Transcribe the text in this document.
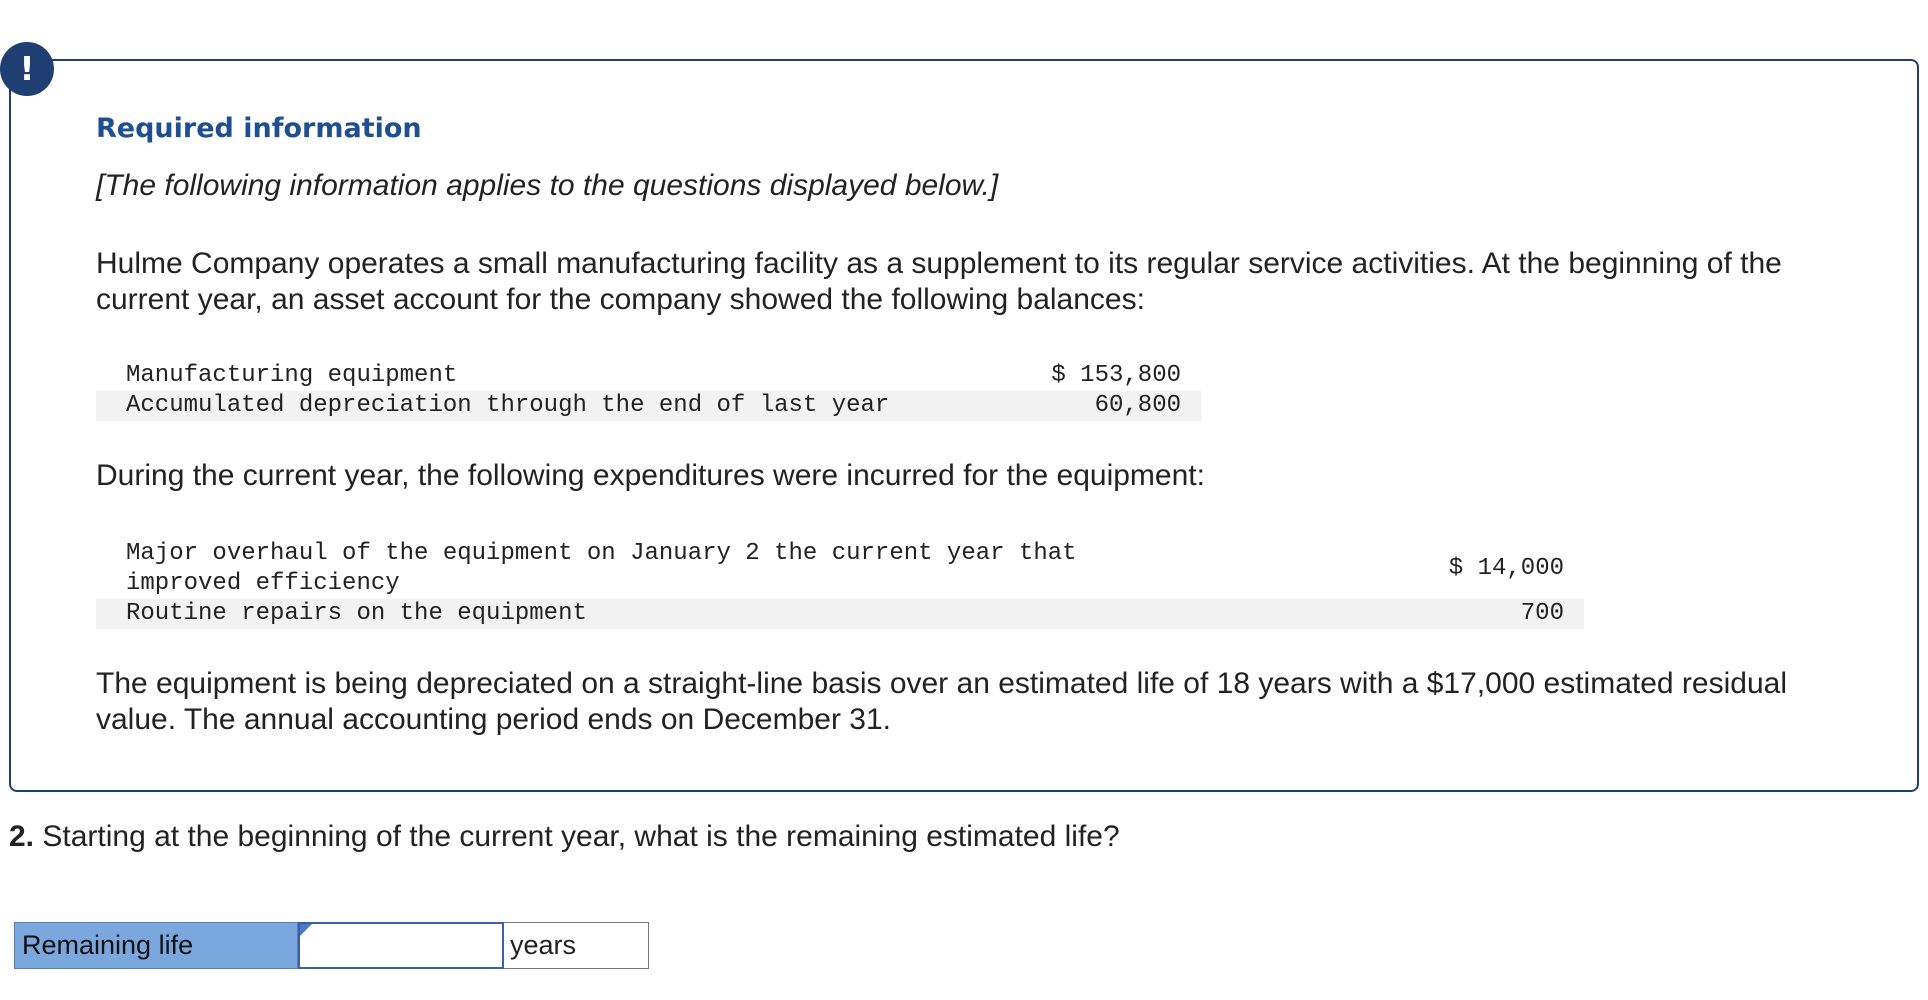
!
Required information

[The following information applies to the questions displayed below.]

Hulme Company operates a small manufacturing facility as a supplement to its regular service activities. At the beginning of the current year, an asset account for the company showed the following balances:

Manufacturing equipment	$ 153,800
Accumulated depreciation through the end of last year	60,800

During the current year, the following expenditures were incurred for the equipment:

Major overhaul of the equipment on January 2 the current year that improved efficiency	$ 14,000
Routine repairs on the equipment	700

The equipment is being depreciated on a straight-line basis over an estimated life of 18 years with a $17,000 estimated residual value. The annual accounting period ends on December 31.

2. Starting at the beginning of the current year, what is the remaining estimated life?

Remaining life	years
